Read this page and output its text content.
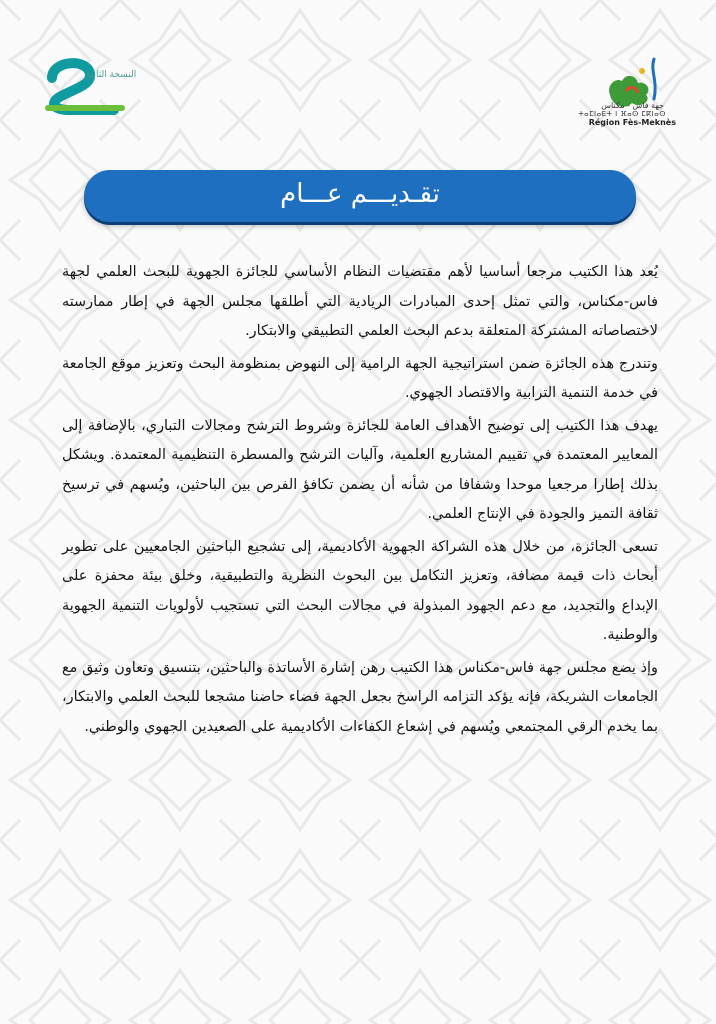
النسخة الثانية
جهة فاس - مكناس
ⵜⴰⵎⵏⴰⴹⵜ ⵏ ⴼⴰⵙ ⵎⴽⵏⴰⵙ
Région Fès-Meknès
تقـديـــم عـــام

يُعد هذا الكتيب مرجعا أساسيا لأهم مقتضيات النظام الأساسي للجائزة الجهوية للبحث العلمي لجهة فاس-مكناس، والتي تمثل إحدى المبادرات الريادية التي أطلقها مجلس الجهة في إطار ممارسته لاختصاصاته المشتركة المتعلقة بدعم البحث العلمي التطبيقي والابتكار.

وتندرج هذه الجائزة ضمن استراتيجية الجهة الرامية إلى النهوض بمنظومة البحث وتعزيز موقع الجامعة في خدمة التنمية الترابية والاقتصاد الجهوي.

يهدف هذا الكتيب إلى توضيح الأهداف العامة للجائزة وشروط الترشح ومجالات التباري، بالإضافة إلى المعايير المعتمدة في تقييم المشاريع العلمية، وآليات الترشح والمسطرة التنظيمية المعتمدة. ويشكل بذلك إطارا مرجعيا موحدا وشفافا من شأنه أن يضمن تكافؤ الفرص بين الباحثين، ويُسهم في ترسيخ ثقافة التميز والجودة في الإنتاج العلمي.

تسعى الجائزة، من خلال هذه الشراكة الجهوية الأكاديمية، إلى تشجيع الباحثين الجامعيين على تطوير أبحاث ذات قيمة مضافة، وتعزيز التكامل بين البحوث النظرية والتطبيقية، وخلق بيئة محفزة على الإبداع والتجديد، مع دعم الجهود المبذولة في مجالات البحث التي تستجيب لأولويات التنمية الجهوية والوطنية.

وإذ يضع مجلس جهة فاس-مكناس هذا الكتيب رهن إشارة الأساتذة والباحثين، بتنسيق وتعاون وثيق مع الجامعات الشريكة، فإنه يؤكد التزامه الراسخ بجعل الجهة فضاء حاضنا مشجعا للبحث العلمي والابتكار، بما يخدم الرقي المجتمعي ويُسهم في إشعاع الكفاءات الأكاديمية على الصعيدين الجهوي والوطني.
